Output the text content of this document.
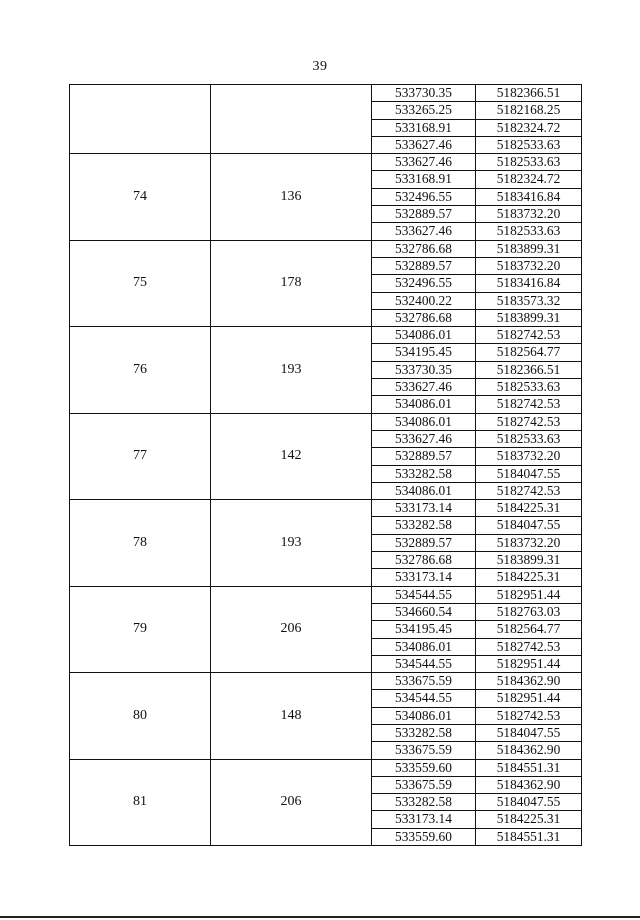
39
		533730.35	5182366.51
		533265.25	5182168.25
		533168.91	5182324.72
		533627.46	5182533.63
74	136	533627.46	5182533.63
		533168.91	5182324.72
		532496.55	5183416.84
		532889.57	5183732.20
		533627.46	5182533.63
75	178	532786.68	5183899.31
		532889.57	5183732.20
		532496.55	5183416.84
		532400.22	5183573.32
		532786.68	5183899.31
76	193	534086.01	5182742.53
		534195.45	5182564.77
		533730.35	5182366.51
		533627.46	5182533.63
		534086.01	5182742.53
77	142	534086.01	5182742.53
		533627.46	5182533.63
		532889.57	5183732.20
		533282.58	5184047.55
		534086.01	5182742.53
78	193	533173.14	5184225.31
		533282.58	5184047.55
		532889.57	5183732.20
		532786.68	5183899.31
		533173.14	5184225.31
79	206	534544.55	5182951.44
		534660.54	5182763.03
		534195.45	5182564.77
		534086.01	5182742.53
		534544.55	5182951.44
80	148	533675.59	5184362.90
		534544.55	5182951.44
		534086.01	5182742.53
		533282.58	5184047.55
		533675.59	5184362.90
81	206	533559.60	5184551.31
		533675.59	5184362.90
		533282.58	5184047.55
		533173.14	5184225.31
		533559.60	5184551.31
